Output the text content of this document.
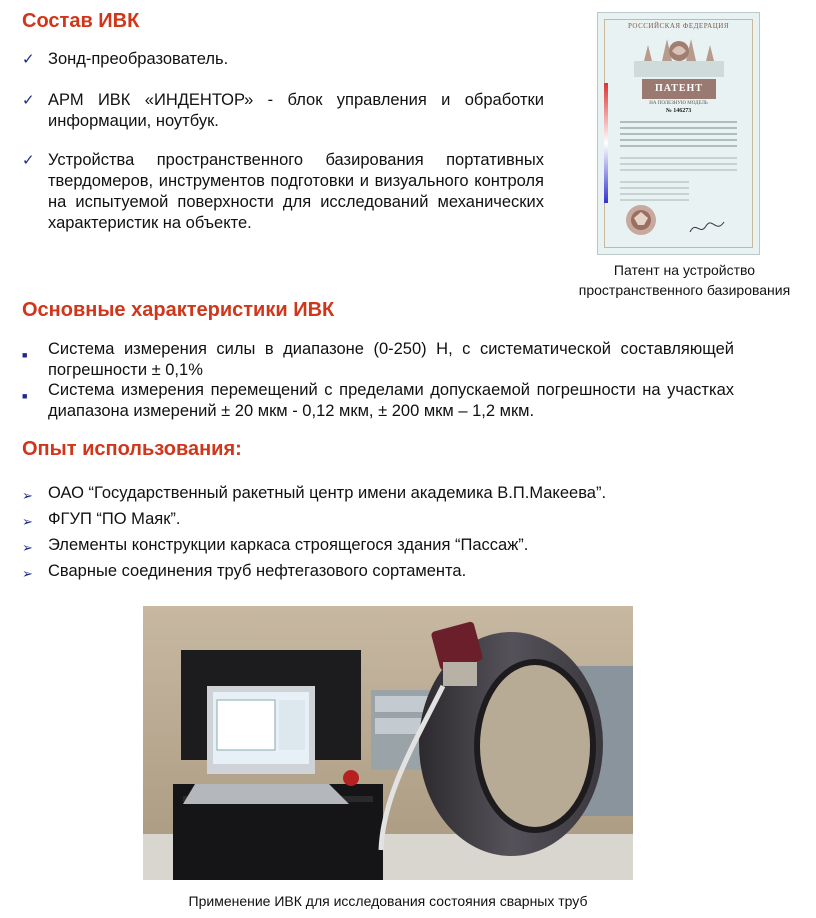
Состав ИВК
✓ Зонд-преобразователь.
✓ АРМ ИВК «ИНДЕНТОР» - блок управления и обработки информации, ноутбук.
✓ Устройства пространственного базирования портативных твердомеров, инструментов подготовки и визуального контроля на испытуемой поверхности для исследований механических характеристик на объекте.
РОССИЙСКАЯ ФЕДЕРАЦИЯ
ПАТЕНТ
НА ПОЛЕЗНУЮ МОДЕЛЬ
№ 146273
Патент на устройство
пространственного базирования
Основные характеристики ИВК
■	Система измерения силы в диапазоне (0-250) Н, с систематической составляющей погрешности ± 0,1%
■	Система измерения перемещений с пределами допускаемой погрешности на участках диапазона измерений ± 20 мкм - 0,12 мкм, ± 200 мкм – 1,2 мкм.
Опыт использования:
➢ ОАО “Государственный ракетный центр имени академика В.П.Макеева”.
➢ ФГУП “ПО Маяк”.
➢ Элементы конструкции каркаса строящегося здания “Пассаж”.
➢ Сварные соединения труб нефтегазового сортамента.
Применение ИВК для исследования состояния сварных труб
